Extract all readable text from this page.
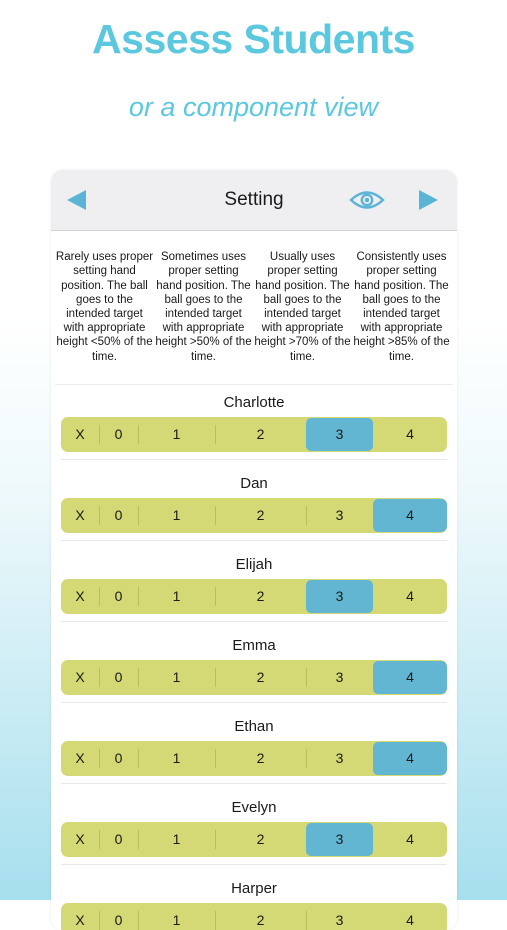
Assess Students
or a component view
Setting
Rarely uses proper setting hand position. The ball goes to the intended target with appropriate height <50% of the time.
Sometimes uses proper setting hand position. The ball goes to the intended target with appropriate height >50% of the time.
Usually uses proper setting hand position. The ball goes to the intended target with appropriate height >70% of the time.
Consistently uses proper setting hand position. The ball goes to the intended target with appropriate height >85% of the time.
Charlotte
X	0	1	2	3	4
Dan
X	0	1	2	3	4
Elijah
X	0	1	2	3	4
Emma
X	0	1	2	3	4
Ethan
X	0	1	2	3	4
Evelyn
X	0	1	2	3	4
Harper
X	0	1	2	3	4
